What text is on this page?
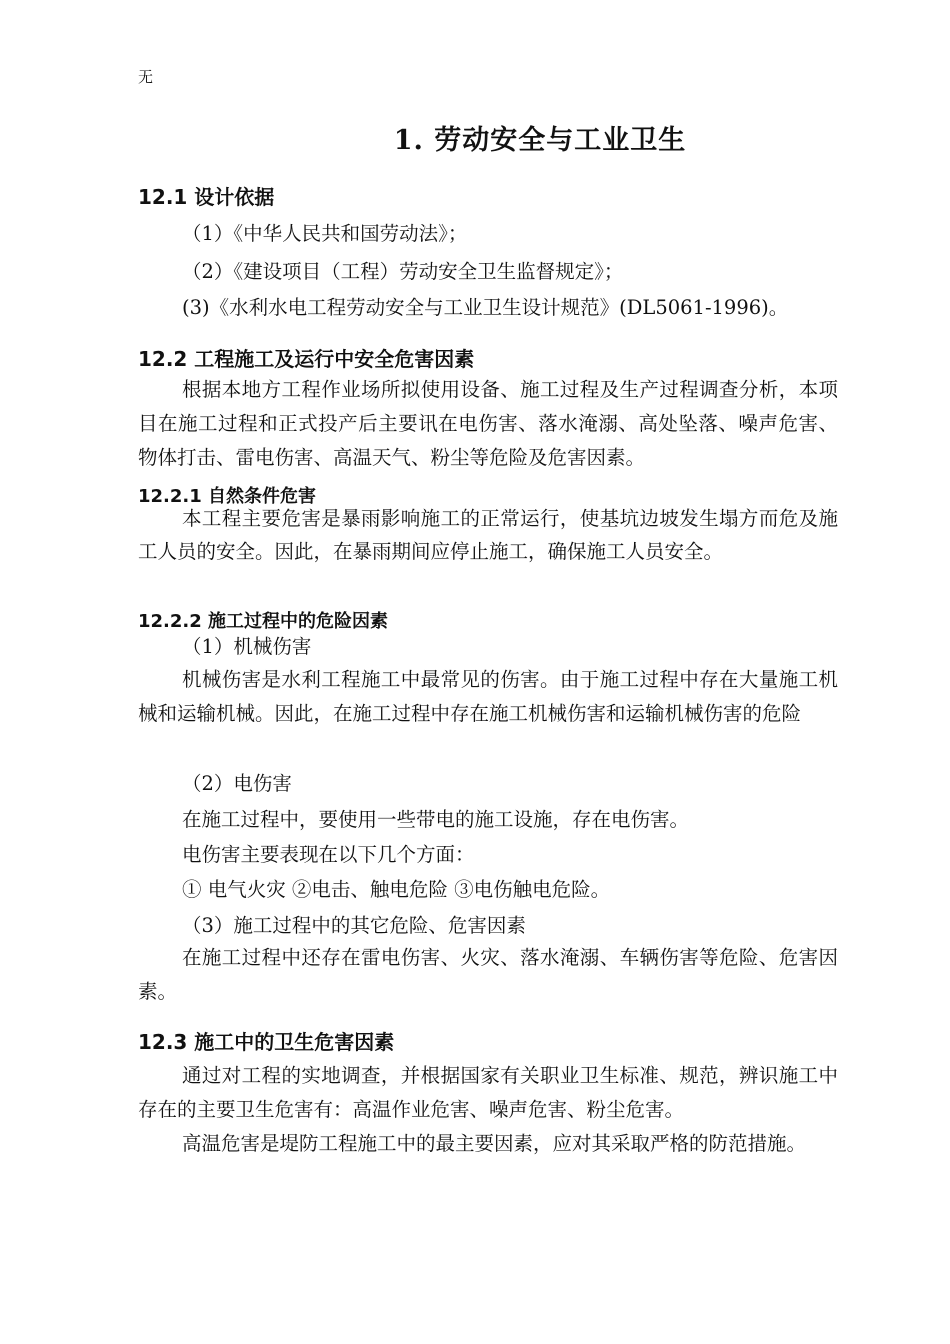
无
1. 劳动安全与工业卫生
12.1 设计依据
（1）《中华人民共和国劳动法》；
（2）《建设项目（工程）劳动安全卫生监督规定》；
(3)《水利水电工程劳动安全与工业卫生设计规范》(DL5061-1996)。
12.2 工程施工及运行中安全危害因素
根据本地方工程作业场所拟使用设备、施工过程及生产过程调查分析，本项目在施工过程和正式投产后主要讯在电伤害、落水淹溺、高处坠落、噪声危害、物体打击、雷电伤害、高温天气、粉尘等危险及危害因素。
12.2.1 自然条件危害
本工程主要危害是暴雨影响施工的正常运行，使基坑边坡发生塌方而危及施工人员的安全。因此，在暴雨期间应停止施工，确保施工人员安全。
12.2.2 施工过程中的危险因素
（1）机械伤害
机械伤害是水利工程施工中最常见的伤害。由于施工过程中存在大量施工机械和运输机械。因此，在施工过程中存在施工机械伤害和运输机械伤害的危险
（2）电伤害
在施工过程中，要使用一些带电的施工设施，存在电伤害。
电伤害主要表现在以下几个方面：
① 电气火灾 ②电击、触电危险 ③电伤触电危险。
（3）施工过程中的其它危险、危害因素
在施工过程中还存在雷电伤害、火灾、落水淹溺、车辆伤害等危险、危害因素。
12.3 施工中的卫生危害因素
通过对工程的实地调查，并根据国家有关职业卫生标准、规范，辨识施工中存在的主要卫生危害有：高温作业危害、噪声危害、粉尘危害。
高温危害是堤防工程施工中的最主要因素，应对其采取严格的防范措施。
